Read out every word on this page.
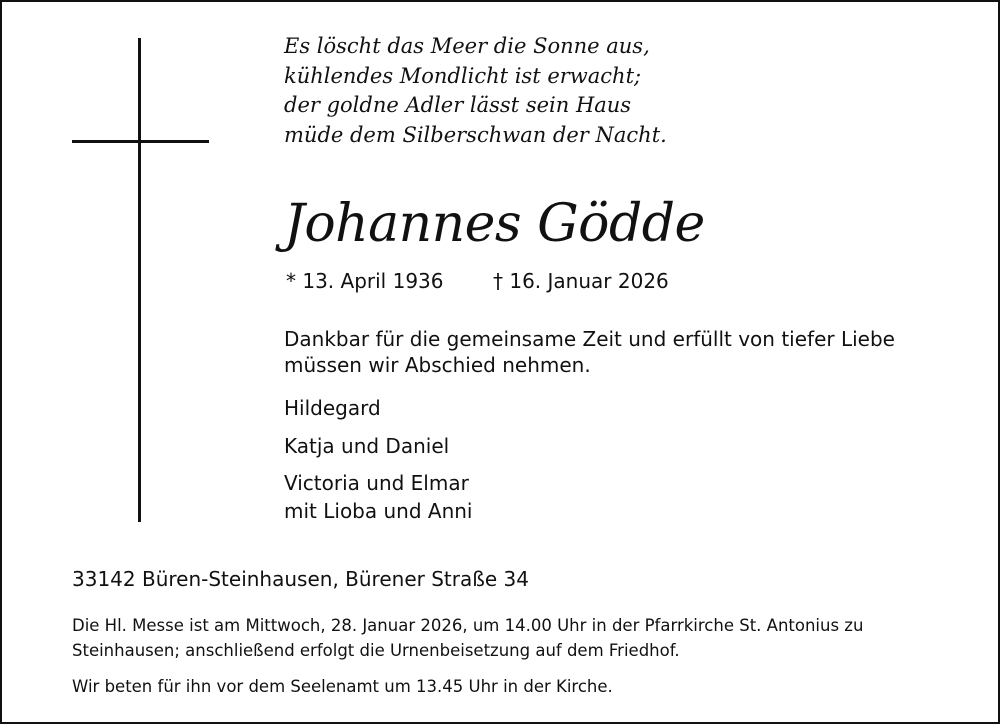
Es löscht das Meer die Sonne aus,
kühlendes Mondlicht ist erwacht;
der goldne Adler lässt sein Haus
müde dem Silberschwan der Nacht.
Johannes Gödde
* 13. April 1936 † 16. Januar 2026

Dankbar für die gemeinsame Zeit und erfüllt von tiefer Liebe müssen wir Abschied nehmen.

Hildegard
Katja und Daniel
Victoria und Elmar
mit Lioba und Anni
33142 Büren-Steinhausen, Bürener Straße 34

Die Hl. Messe ist am Mittwoch, 28. Januar 2026, um 14.00 Uhr in der Pfarrkirche St. Antonius zu Steinhausen; anschließend erfolgt die Urnenbeisetzung auf dem Friedhof.

Wir beten für ihn vor dem Seelenamt um 13.45 Uhr in der Kirche.
